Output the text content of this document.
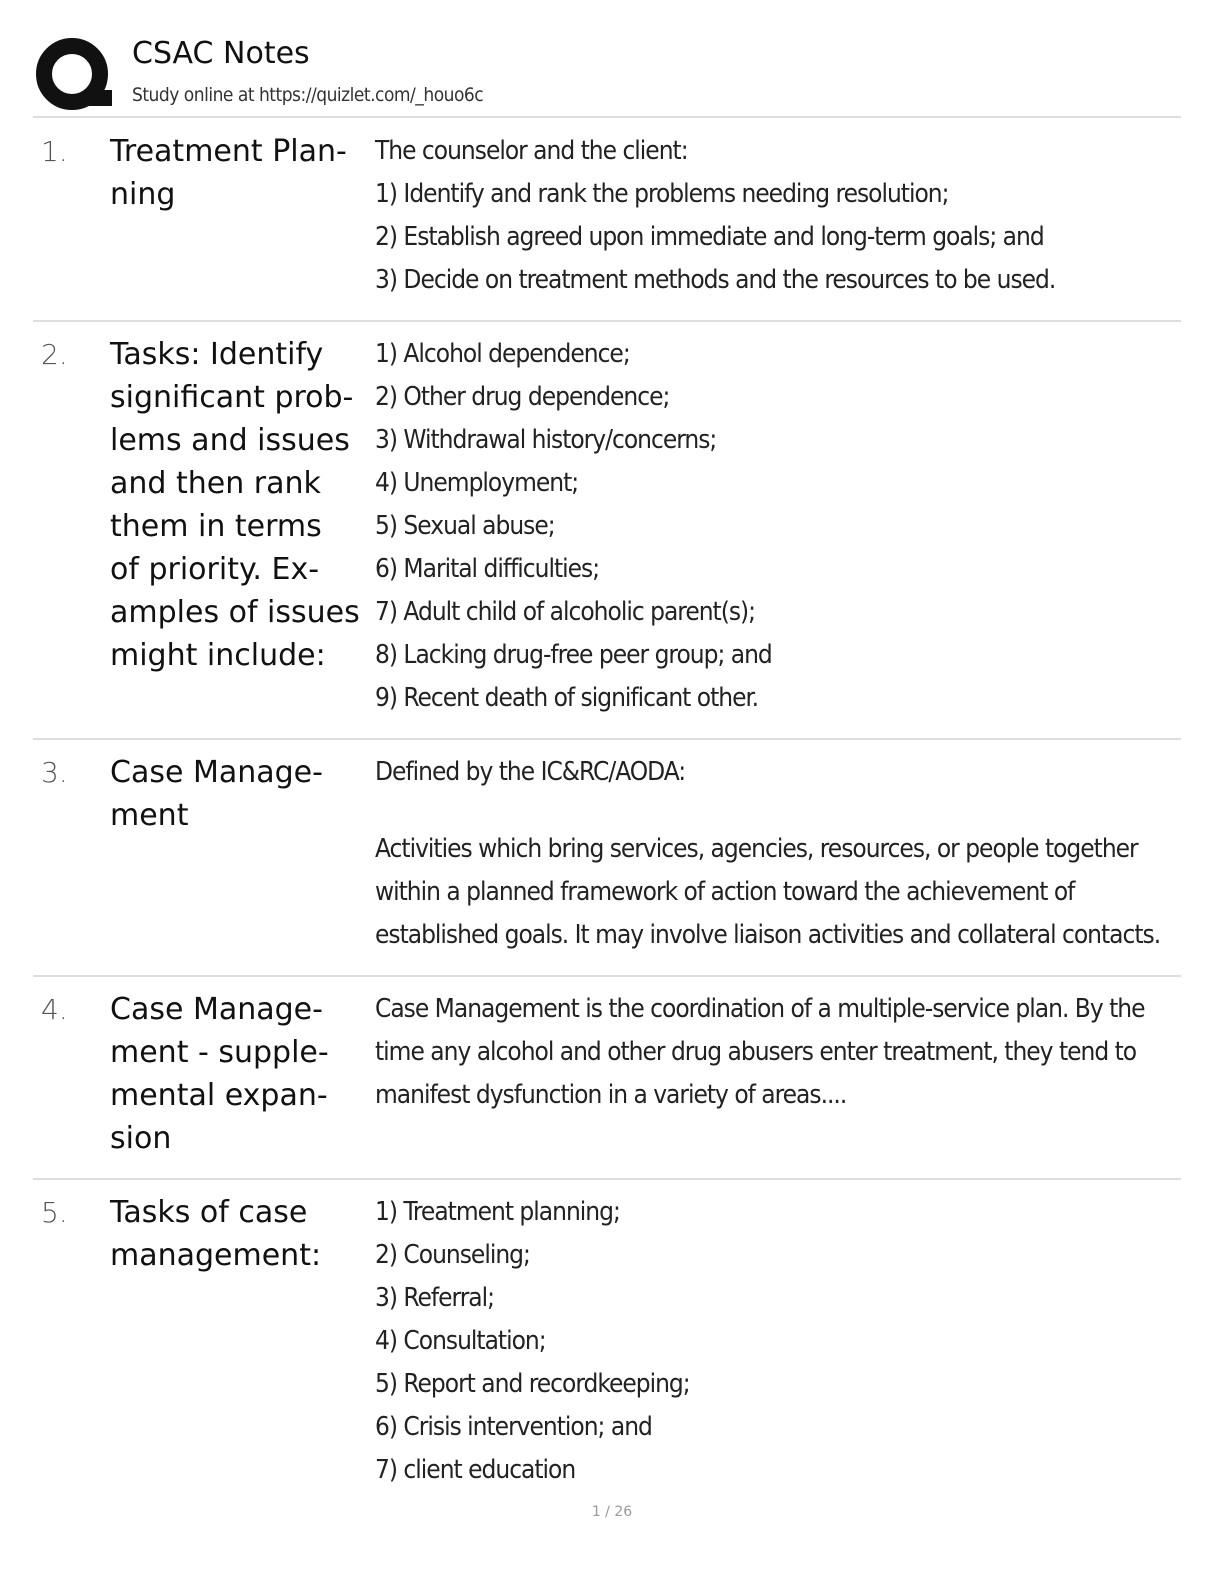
CSAC Notes
Study online at https://quizlet.com/_houo6c
1. Treatment Plan-
ning
The counselor and the client:
1) Identify and rank the problems needing resolution;
2) Establish agreed upon immediate and long-term goals; and
3) Decide on treatment methods and the resources to be used.
2. Tasks: Identify
significant prob-
lems and issues
and then rank
them in terms
of priority. Ex-
amples of issues
might include:
1) Alcohol dependence;
2) Other drug dependence;
3) Withdrawal history/concerns;
4) Unemployment;
5) Sexual abuse;
6) Marital difficulties;
7) Adult child of alcoholic parent(s);
8) Lacking drug-free peer group; and
9) Recent death of significant other.
3. Case Manage-
ment
Defined by the IC&RC/AODA:
Activities which bring services, agencies, resources, or people together within a planned framework of action toward the achievement of established goals. It may involve liaison activities and collateral contacts.
4. Case Manage-
ment - supple-
mental expan-
sion
Case Management is the coordination of a multiple-service plan. By the time any alcohol and other drug abusers enter treatment, they tend to manifest dysfunction in a variety of areas....
5. Tasks of case
management:
1) Treatment planning;
2) Counseling;
3) Referral;
4) Consultation;
5) Report and recordkeeping;
6) Crisis intervention; and
7) client education
1 / 26
